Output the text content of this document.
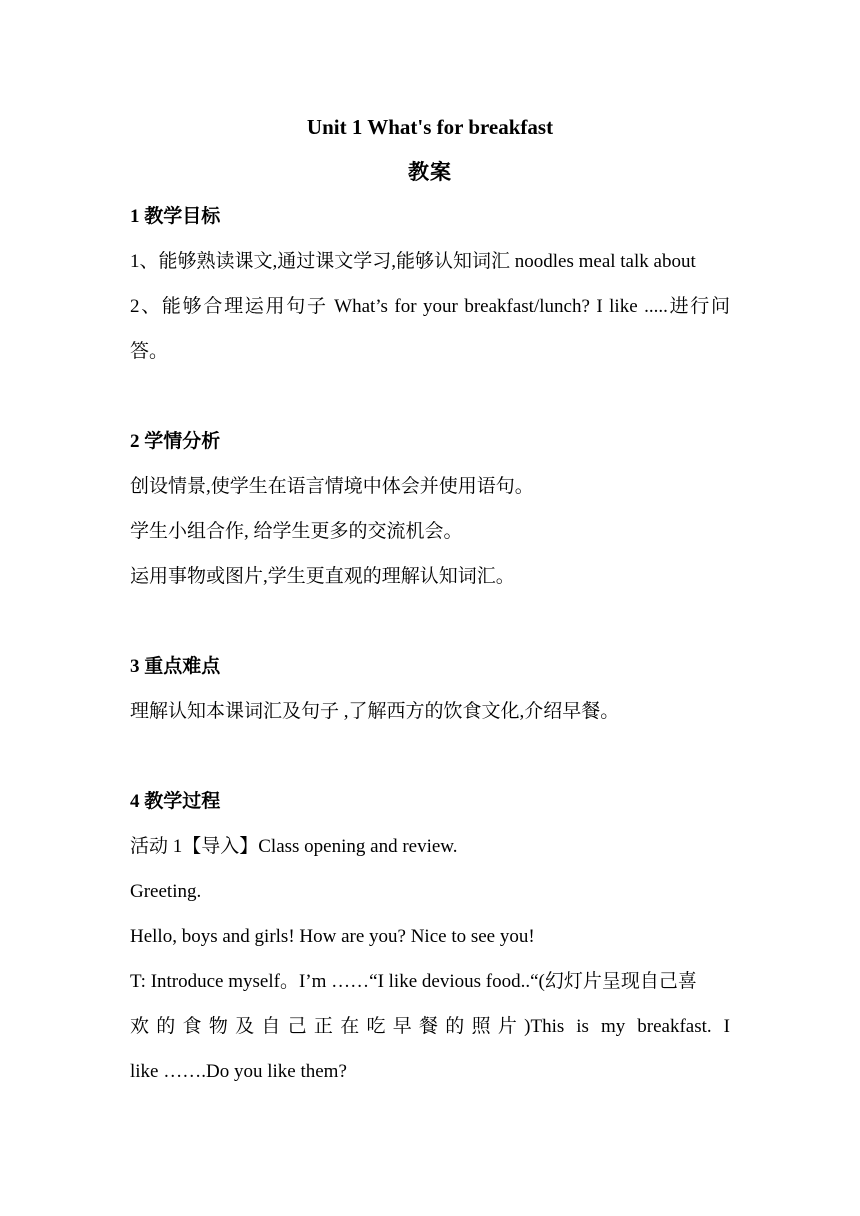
Unit 1 What's for breakfast
教案
1 教学目标
1、能够熟读课文,通过课文学习,能够认知词汇 noodles meal talk about
2、能够合理运用句子 What’s for your breakfast/lunch? I like .....进行问
答。
2 学情分析
创设情景,使学生在语言情境中体会并使用语句。
学生小组合作, 给学生更多的交流机会。
运用事物或图片,学生更直观的理解认知词汇。
3 重点难点
理解认知本课词汇及句子 ,了解西方的饮食文化,介绍早餐。
4 教学过程
活动 1【导入】Class opening and review.
Greeting.
Hello, boys and girls! How are you? Nice to see you!
T: Introduce myself。I’m ……“I like devious food..“(幻灯片呈现自己喜
欢的食物及自己正在吃早餐的照片)This is my breakfast. I
like …….Do you like them?
